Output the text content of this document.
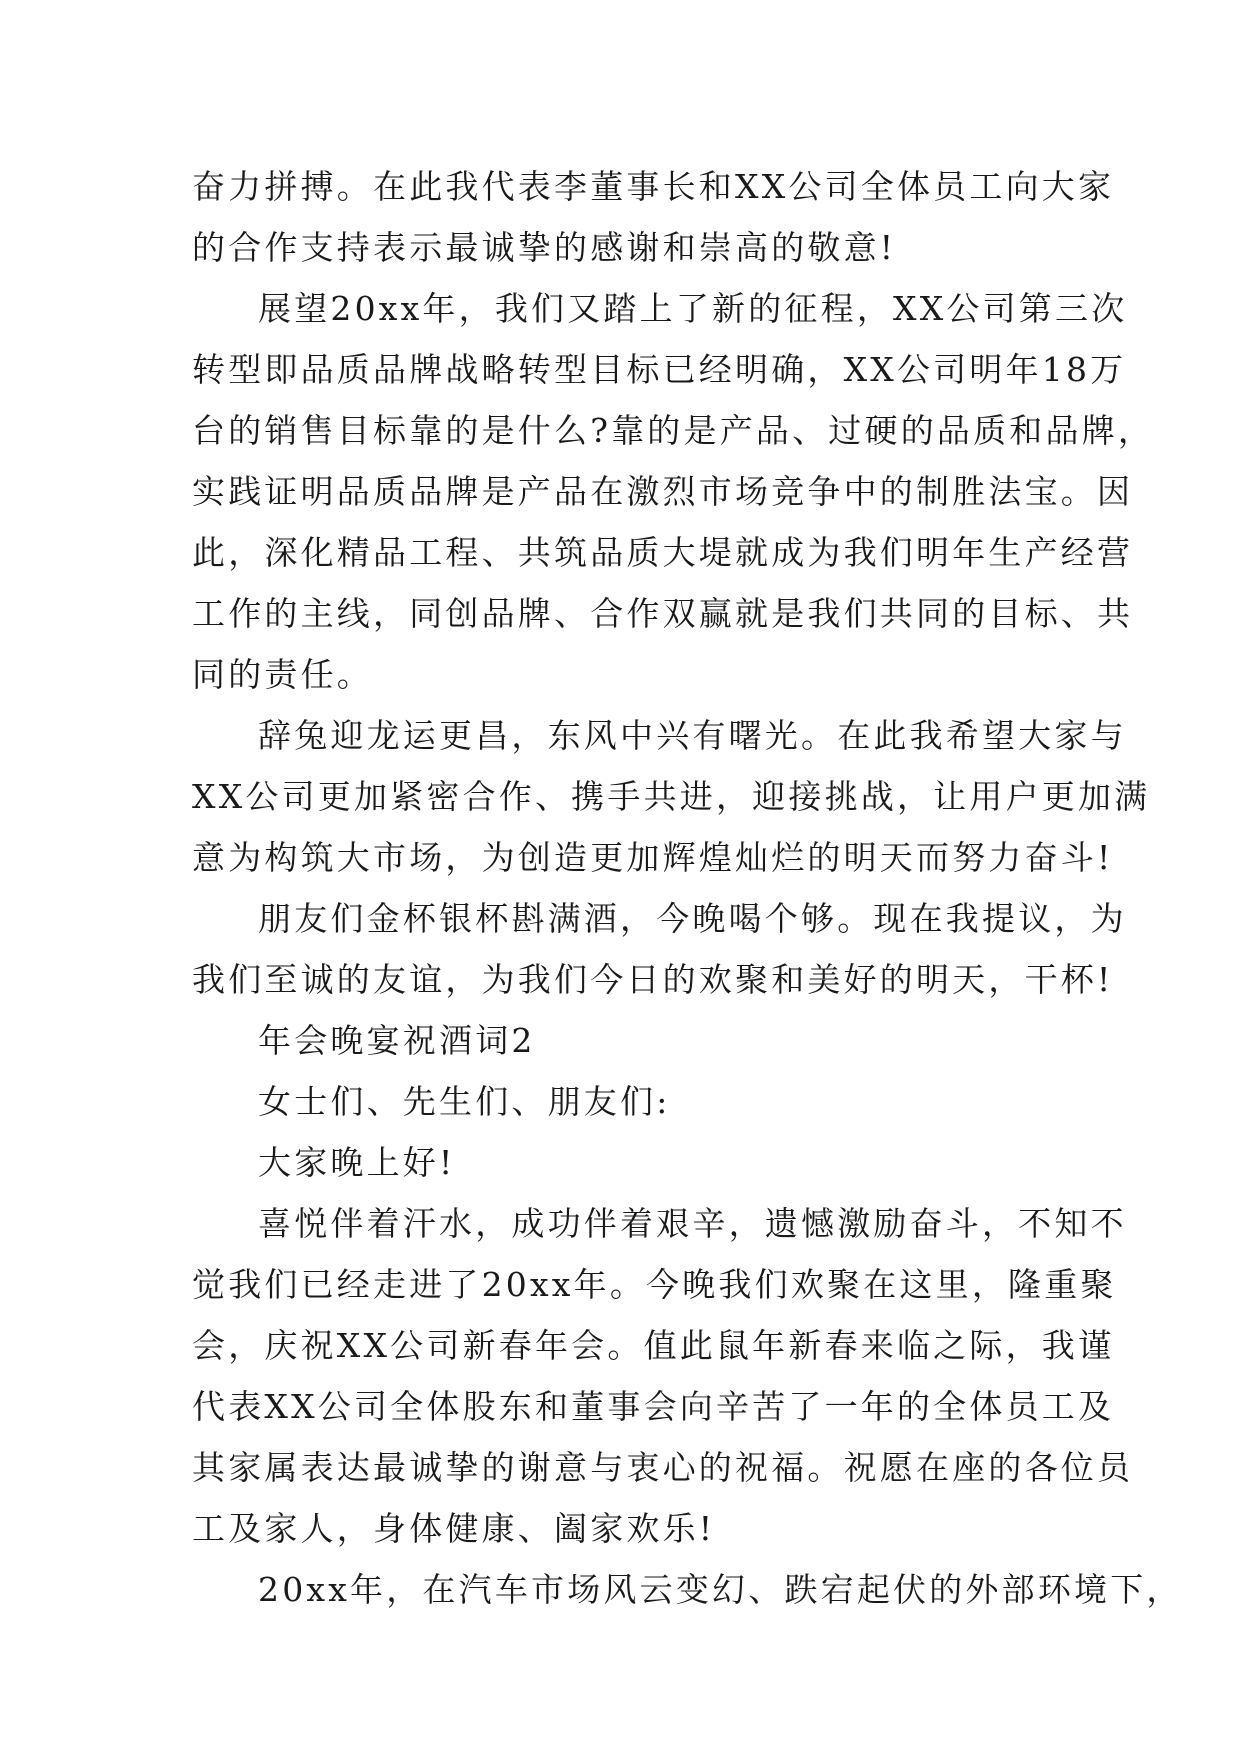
奋力拼搏。在此我代表李董事长和XX公司全体员工向大家
的合作支持表示最诚挚的感谢和崇高的敬意!
展望20xx年，我们又踏上了新的征程，XX公司第三次
转型即品质品牌战略转型目标已经明确，XX公司明年18万
台的销售目标靠的是什么?靠的是产品、过硬的品质和品牌，
实践证明品质品牌是产品在激烈市场竞争中的制胜法宝。因
此，深化精品工程、共筑品质大堤就成为我们明年生产经营
工作的主线，同创品牌、合作双赢就是我们共同的目标、共
同的责任。
辞兔迎龙运更昌，东风中兴有曙光。在此我希望大家与
XX公司更加紧密合作、携手共进，迎接挑战，让用户更加满
意为构筑大市场，为创造更加辉煌灿烂的明天而努力奋斗!
朋友们金杯银杯斟满酒，今晚喝个够。现在我提议，为
我们至诚的友谊，为我们今日的欢聚和美好的明天，干杯!
年会晚宴祝酒词2
女士们、先生们、朋友们:
大家晚上好!
喜悦伴着汗水，成功伴着艰辛，遗憾激励奋斗，不知不
觉我们已经走进了20xx年。今晚我们欢聚在这里，隆重聚
会，庆祝XX公司新春年会。值此鼠年新春来临之际，我谨
代表XX公司全体股东和董事会向辛苦了一年的全体员工及
其家属表达最诚挚的谢意与衷心的祝福。祝愿在座的各位员
工及家人，身体健康、阖家欢乐!
20xx年，在汽车市场风云变幻、跌宕起伏的外部环境下，
